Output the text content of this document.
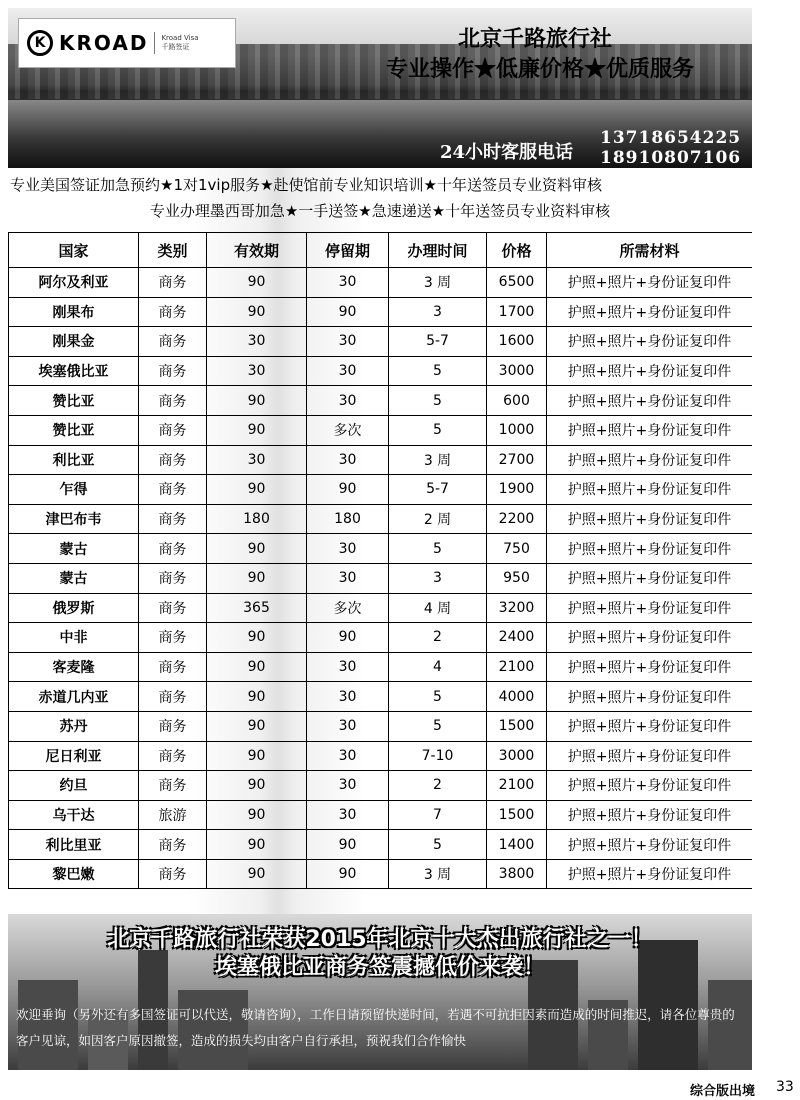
K KROAD Kroad Visa
千路签证	北京千路旅行社
专业操作★低廉价格★优质服务
24小时客服电话
13718654225
18910807106
专业美国签证加急预约★1对1vip服务★赴使馆前专业知识培训★十年送签员专业资料审核
专业办理墨西哥加急★一手送签★急速递送★十年送签员专业资料审核
国家	类别	有效期	停留期	办理时间	价格	所需材料
阿尔及利亚	商务	90	30	3 周	6500	护照+照片+身份证复印件
刚果布	商务	90	90	3	1700	护照+照片+身份证复印件
刚果金	商务	30	30	5-7	1600	护照+照片+身份证复印件
埃塞俄比亚	商务	30	30	5	3000	护照+照片+身份证复印件
赞比亚	商务	90	30	5	600	护照+照片+身份证复印件
赞比亚	商务	90	多次	5	1000	护照+照片+身份证复印件
利比亚	商务	30	30	3 周	2700	护照+照片+身份证复印件
乍得	商务	90	90	5-7	1900	护照+照片+身份证复印件
津巴布韦	商务	180	180	2 周	2200	护照+照片+身份证复印件
蒙古	商务	90	30	5	750	护照+照片+身份证复印件
蒙古	商务	90	30	3	950	护照+照片+身份证复印件
俄罗斯	商务	365	多次	4 周	3200	护照+照片+身份证复印件
中非	商务	90	90	2	2400	护照+照片+身份证复印件
客麦隆	商务	90	30	4	2100	护照+照片+身份证复印件
赤道几内亚	商务	90	30	5	4000	护照+照片+身份证复印件
苏丹	商务	90	30	5	1500	护照+照片+身份证复印件
尼日利亚	商务	90	30	7-10	3000	护照+照片+身份证复印件
约旦	商务	90	30	2	2100	护照+照片+身份证复印件
乌干达	旅游	90	30	7	1500	护照+照片+身份证复印件
利比里亚	商务	90	90	5	1400	护照+照片+身份证复印件
黎巴嫩	商务	90	90	3 周	3800	护照+照片+身份证复印件
北京千路旅行社荣获2015年北京十大杰出旅行社之一！
埃塞俄比亚商务签震撼低价来袭！
欢迎垂询（另外还有多国签证可以代送，敬请咨询），工作日请预留快递时间，若遇不可抗拒因素而造成的时间推迟，请各位尊贵的客户见谅，如因客户原因撤签，造成的损失均由客户自行承担，预祝我们合作愉快
综合版出境 33
